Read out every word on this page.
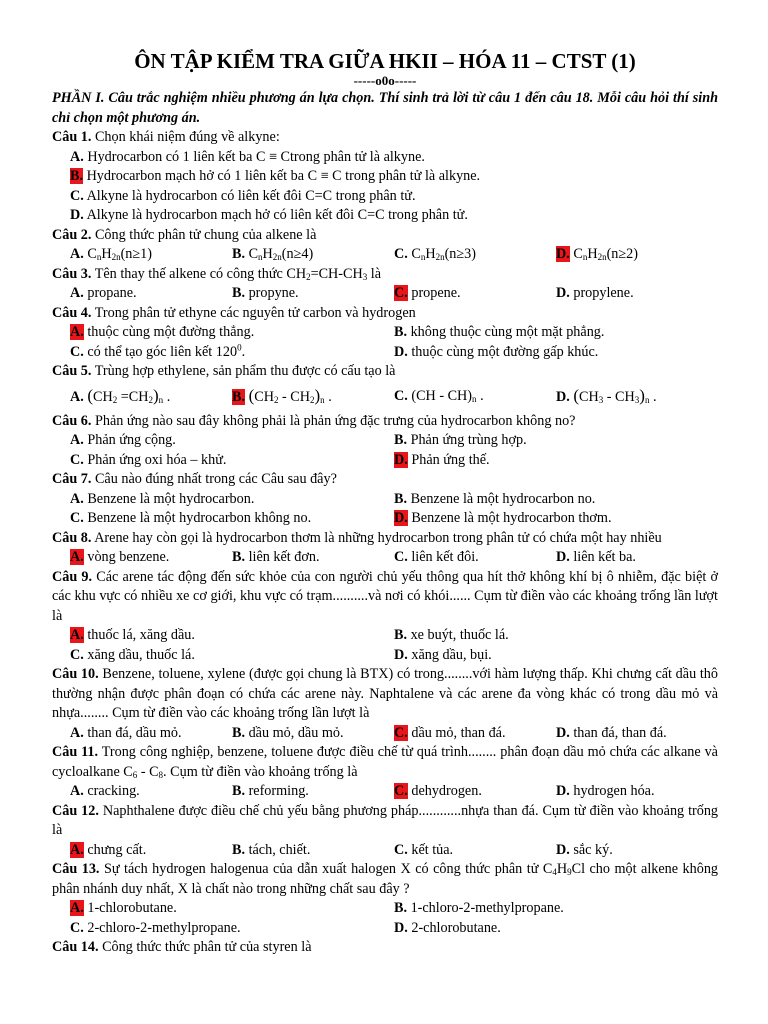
ÔN TẬP KIỂM TRA GIỮA HKII – HÓA 11 – CTST (1)
-----o0o-----
PHẦN I. Câu trắc nghiệm nhiều phương án lựa chọn. Thí sinh trả lời từ câu 1 đến câu 18. Mỗi câu hỏi thí sinh chỉ chọn một phương án.
Câu 1. Chọn khái niệm đúng về alkyne:
A. Hydrocarbon có 1 liên kết ba C ≡ Ctrong phân tử là alkyne.
B. Hydrocarbon mạch hở có 1 liên kết ba C ≡ C trong phân tử là alkyne.
C. Alkyne là hydrocarbon có liên kết đôi C=C trong phân tử.
D. Alkyne là hydrocarbon mạch hở có liên kết đôi C=C trong phân tử.
Câu 2. Công thức phân tử chung của alkene là
A. $C_nH_{2n}(n\ge 1)$	B. $C_nH_{2n}(n\ge 4)$	C. $C_nH_{2n}(n\ge 3)$	D. $C_nH_{2n}(n\ge 2)$
Câu 3. Tên thay thế alkene có công thức $CH_2=CH-CH_3$ là
A. propane.	B. propyne.	C. propene.	D. propylene.
Câu 4. Trong phân tử ethyne các nguyên tử carbon và hydrogen
A. thuộc cùng một đường thẳng.	B. không thuộc cùng một mặt phẳng.
C. có thể tạo góc liên kết $120^0$.	D. thuộc cùng một đường gấp khúc.
Câu 5. Trùng hợp ethylene, sản phẩm thu được có cấu tạo là
A. $(CH_2 =CH_2)_n$ .	B. $(CH_2 - CH_2)_n$ .	C. $(CH - CH)_n$ .	D. $(CH_3 - CH_3)_n$ .
Câu 6. Phản ứng nào sau đây không phải là phản ứng đặc trưng của hydrocarbon không no?
A. Phản ứng cộng.	B. Phản ứng trùng hợp.
C. Phản ứng oxi hóa – khử.	D. Phản ứng thế.
Câu 7. Câu nào đúng nhất trong các Câu sau đây?
A. Benzene là một hydrocarbon.	B. Benzene là một hydrocarbon no.
C. Benzene là một hydrocarbon không no.	D. Benzene là một hydrocarbon thơm.
Câu 8. Arene hay còn gọi là hydrocarbon thơm là những hydrocarbon trong phân tử có chứa một hay nhiều
A. vòng benzene.	B. liên kết đơn.	C. liên kết đôi.	D. liên kết ba.
Câu 9. Các arene tác động đến sức khỏe của con người chủ yếu thông qua hít thở không khí bị ô nhiễm, đặc biệt ở các khu vực có nhiều xe cơ giới, khu vực có trạm..........và nơi có khói...... Cụm từ điền vào các khoảng trống lần lượt là
A. thuốc lá, xăng dầu.	B. xe buýt, thuốc lá.
C. xăng dầu, thuốc lá.	D. xăng dầu, bụi.
Câu 10. Benzene, toluene, xylene (được gọi chung là BTX) có trong........với hàm lượng thấp. Khi chưng cất dầu thô thường nhận được phân đoạn có chứa các arene này. Naphtalene và các arene đa vòng khác có trong dầu mỏ và nhựa........ Cụm từ điền vào các khoảng trống lần lượt là
A. than đá, dầu mỏ.	B. dầu mỏ, dầu mỏ.	C. dầu mỏ, than đá.	D. than đá, than đá.
Câu 11. Trong công nghiệp, benzene, toluene được điều chế từ quá trình........ phân đoạn dầu mỏ chứa các alkane và cycloalkane $C_6 - C_8$. Cụm từ điền vào khoảng trống là
A. cracking.	B. reforming.	C. dehydrogen.	D. hydrogen hóa.
Câu 12. Naphthalene được điều chế chủ yếu bằng phương pháp............nhựa than đá. Cụm từ điền vào khoảng trống là
A. chưng cất.	B. tách, chiết.	C. kết tủa.	D. sắc ký.
Câu 13. Sự tách hydrogen halogenua của dẫn xuất halogen X có công thức phân tử $C_4H_9Cl$ cho một alkene không phân nhánh duy nhất, X là chất nào trong những chất sau đây ?
A. 1-chlorobutane.	B. 1-chloro-2-methylpropane.
C. 2-chloro-2-methylpropane.	D. 2-chlorobutane.
Câu 14. Công thức thức phân tử của styren là
